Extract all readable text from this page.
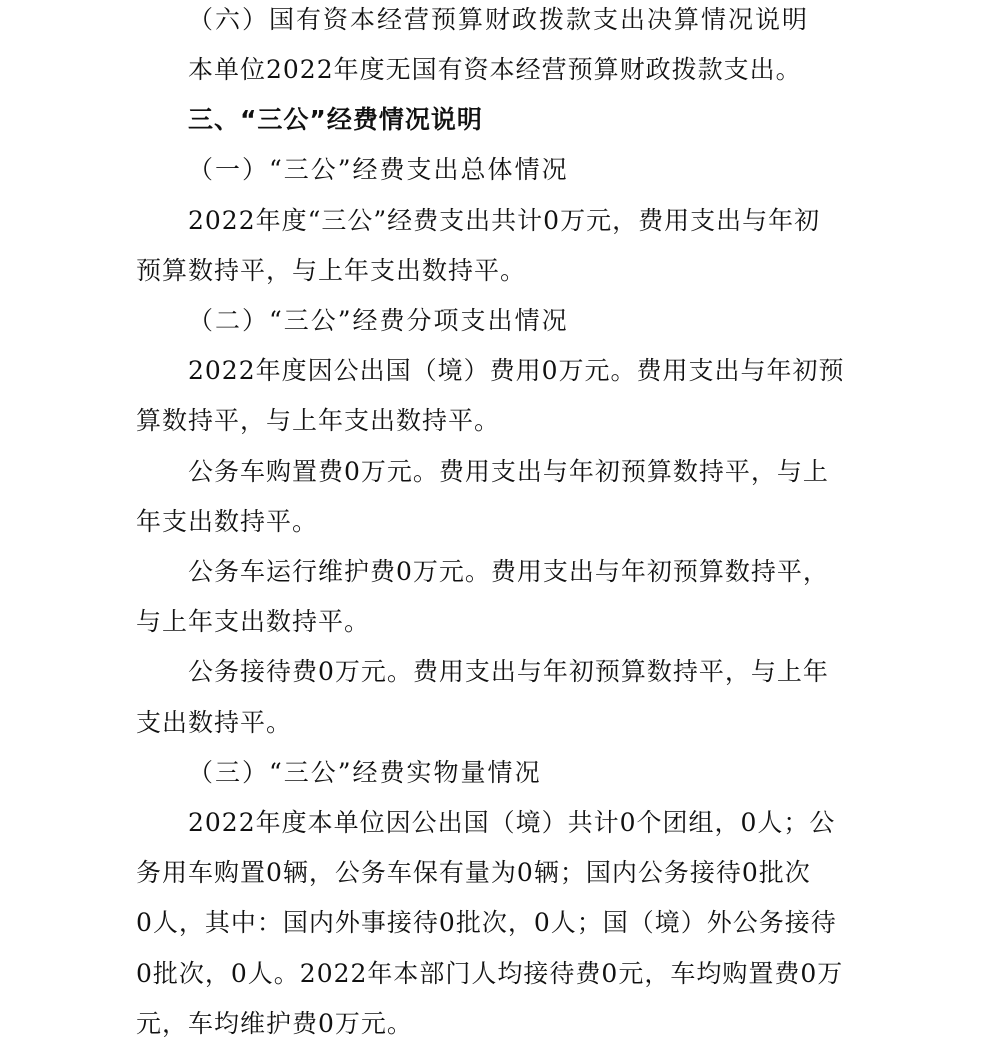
（六）国有资本经营预算财政拨款支出决算情况说明
本单位2022年度无国有资本经营预算财政拨款支出。
三、“三公”经费情况说明
（一）“三公”经费支出总体情况
2022年度“三公”经费支出共计0万元，费用支出与年初
预算数持平，与上年支出数持平。
（二）“三公”经费分项支出情况
2022年度因公出国（境）费用0万元。费用支出与年初预
算数持平，与上年支出数持平。
公务车购置费0万元。费用支出与年初预算数持平，与上
年支出数持平。
公务车运行维护费0万元。费用支出与年初预算数持平，
与上年支出数持平。
公务接待费0万元。费用支出与年初预算数持平，与上年
支出数持平。
（三）“三公”经费实物量情况
2022年度本单位因公出国（境）共计0个团组，0人；公
务用车购置0辆，公务车保有量为0辆；国内公务接待0批次
0人，其中：国内外事接待0批次，0人；国（境）外公务接待
0批次，0人。2022年本部门人均接待费0元，车均购置费0万
元，车均维护费0万元。
